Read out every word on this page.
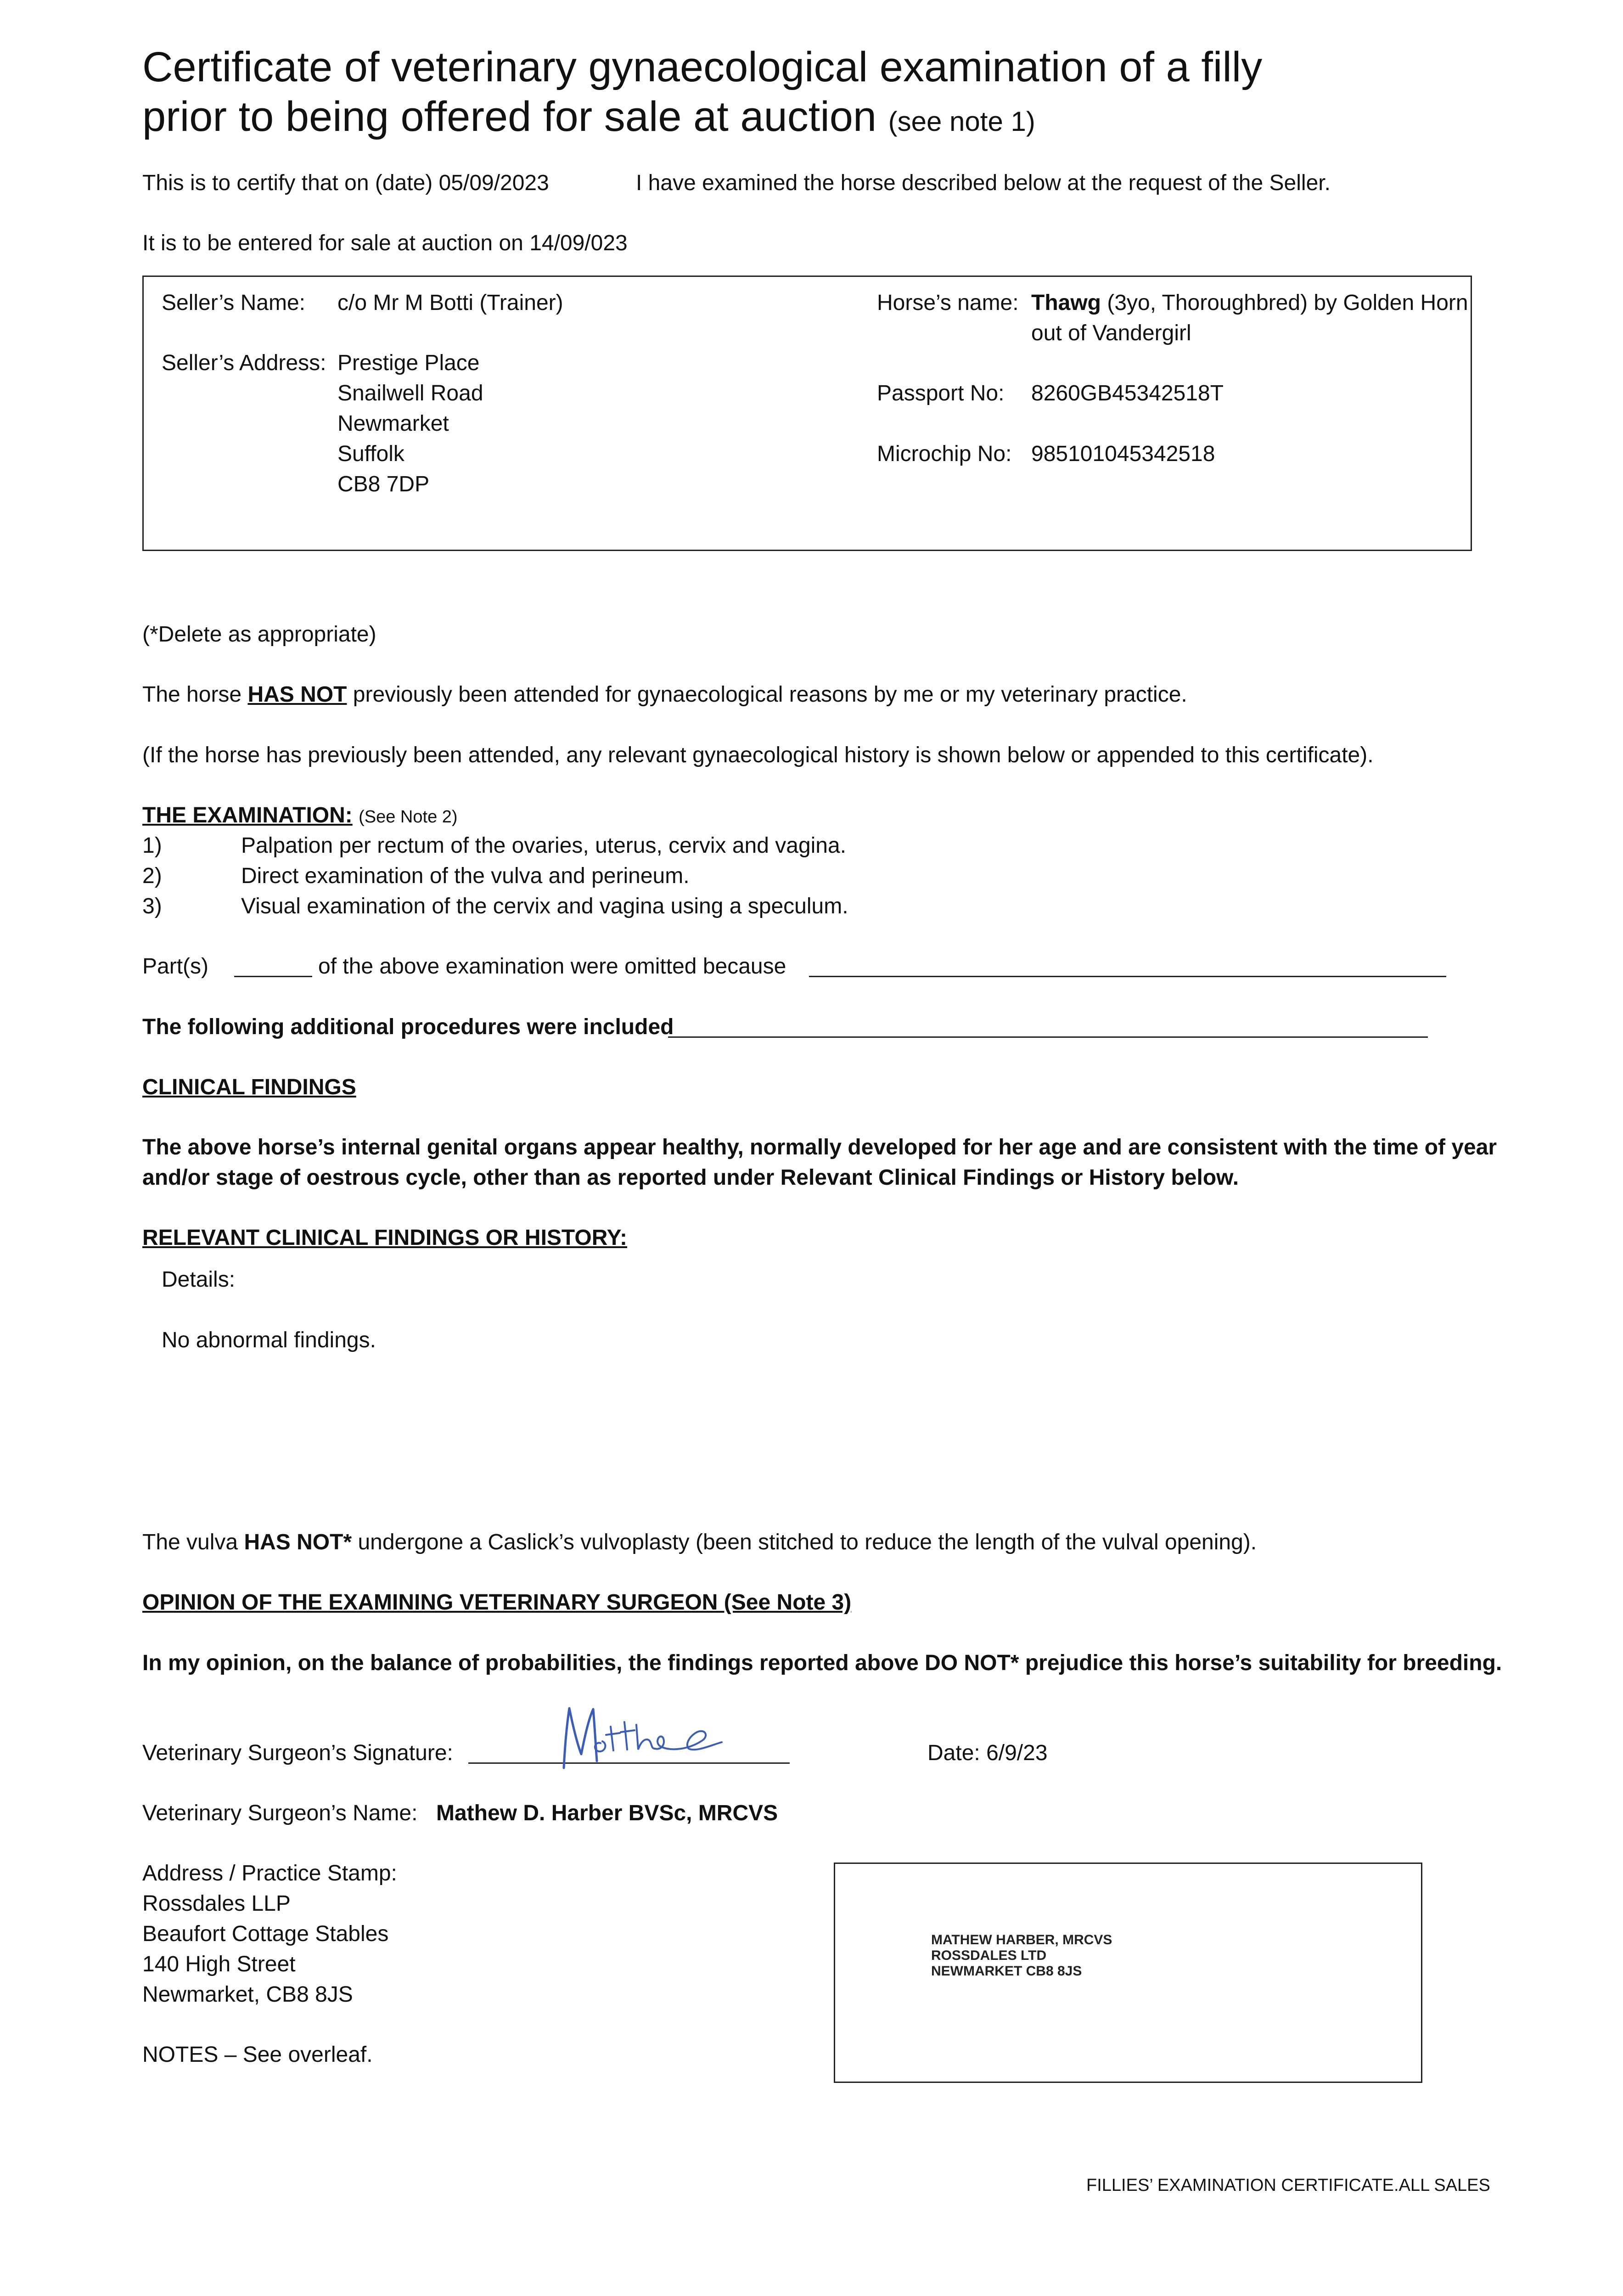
Certificate of veterinary gynaecological examination of a filly
prior to being offered for sale at auction (see note 1)
This is to certify that on (date) 05/09/2023	I have examined the horse described below at the request of the Seller.
It is to be entered for sale at auction on 14/09/023
Seller’s Name: c/o Mr M Botti (Trainer)
Seller’s Address: Prestige Place
Snailwell Road
Newmarket
Suffolk
CB8 7DP
Horse’s name: Thawg (3yo, Thoroughbred) by Golden Horn
out of Vandergirl
Passport No: 8260GB45342518T
Microchip No: 985101045342518
(*Delete as appropriate)
The horse HAS NOT previously been attended for gynaecological reasons by me or my veterinary practice.
(If the horse has previously been attended, any relevant gynaecological history is shown below or appended to this certificate).
THE EXAMINATION: (See Note 2)
1)	Palpation per rectum of the ovaries, uterus, cervix and vagina.
2)	Direct examination of the vulva and perineum.
3)	Visual examination of the cervix and vagina using a speculum.
Part(s)	of the above examination were omitted because
The following additional procedures were included
CLINICAL FINDINGS
The above horse’s internal genital organs appear healthy, normally developed for her age and are consistent with the time of year
and/or stage of oestrous cycle, other than as reported under Relevant Clinical Findings or History below.
RELEVANT CLINICAL FINDINGS OR HISTORY:
Details:
No abnormal findings.
The vulva HAS NOT* undergone a Caslick’s vulvoplasty (been stitched to reduce the length of the vulval opening).
OPINION OF THE EXAMINING VETERINARY SURGEON (See Note 3)
In my opinion, on the balance of probabilities, the findings reported above DO NOT* prejudice this horse’s suitability for breeding.
Veterinary Surgeon’s Signature:	Date: 6/9/23
Veterinary Surgeon’s Name: Mathew D. Harber BVSc, MRCVS
Address / Practice Stamp:
Rossdales LLP
Beaufort Cottage Stables
140 High Street
Newmarket, CB8 8JS
NOTES – See overleaf.
MATHEW HARBER, MRCVS
ROSSDALES LTD
NEWMARKET CB8 8JS
FILLIES’ EXAMINATION CERTIFICATE.ALL SALES
